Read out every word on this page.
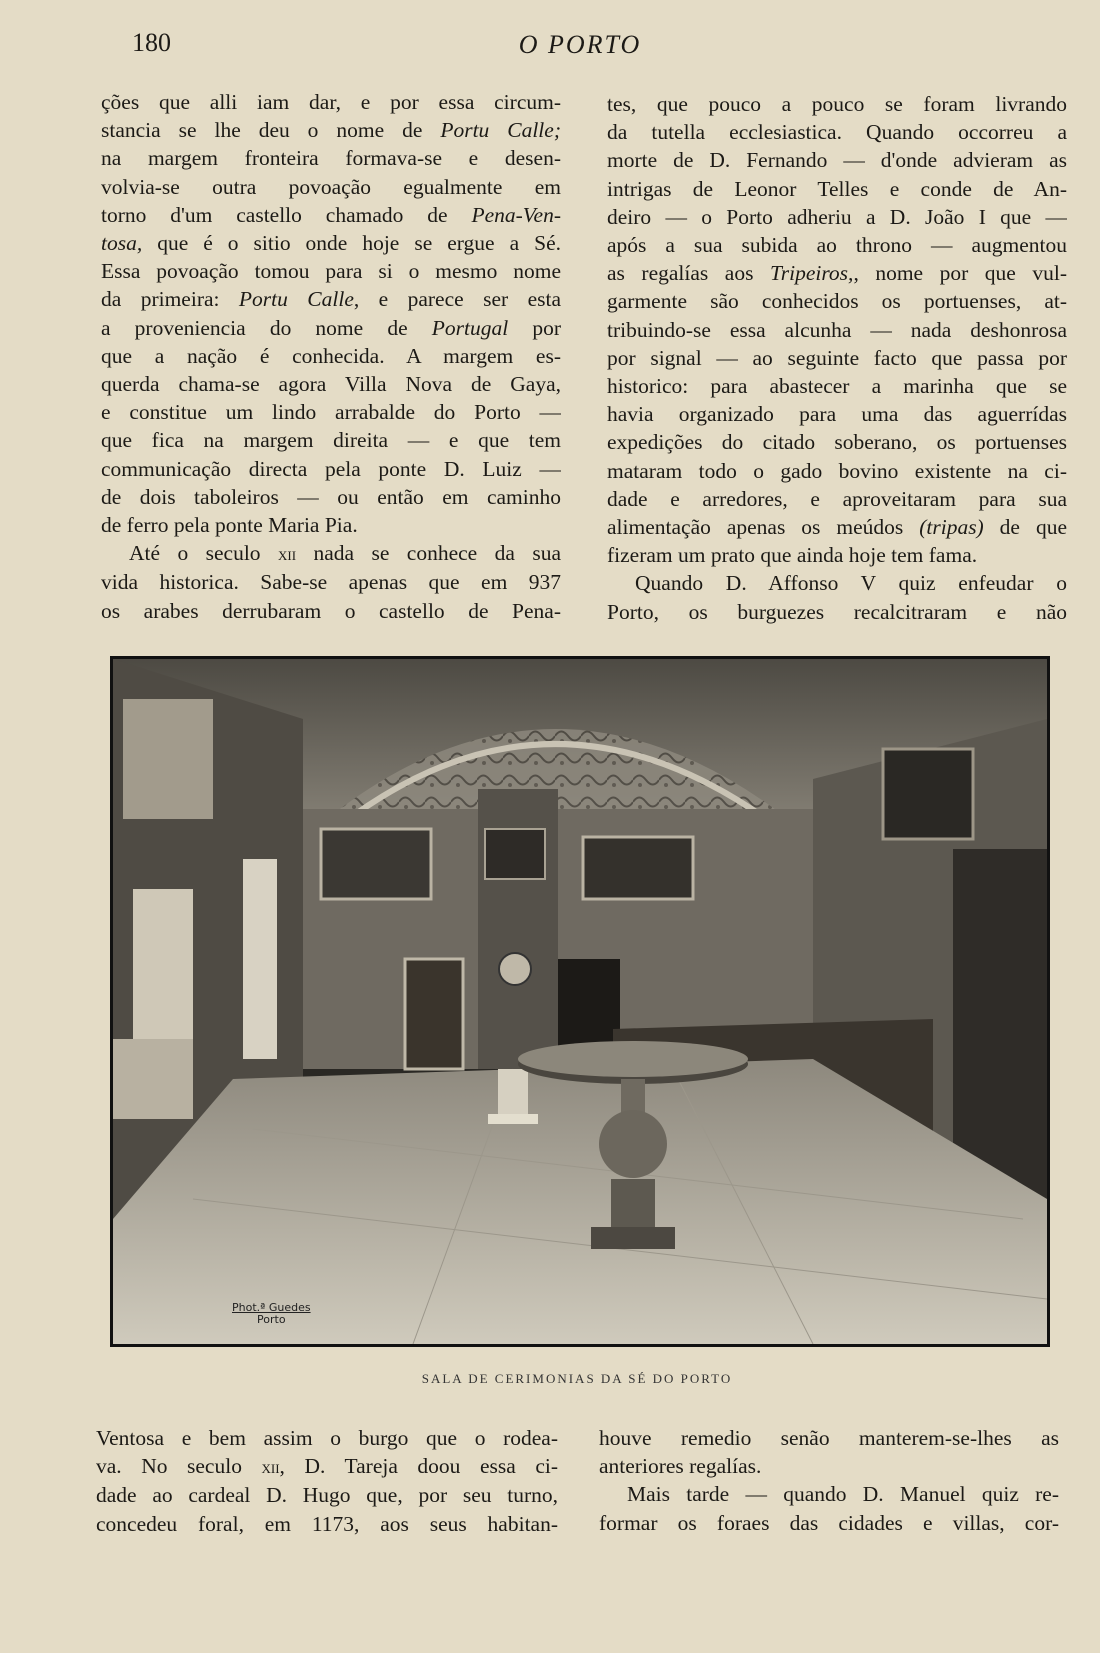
180	O PORTO
ções que alli iam dar, e por essa circum-
stancia se lhe deu o nome de Portu Calle;
na margem fronteira formava-se e desen-
volvia-se outra povoação egualmente em
torno d'um castello chamado de Pena-Ven-
tosa, que é o sitio onde hoje se ergue a Sé.
Essa povoação tomou para si o mesmo nome
da primeira: Portu Calle, e parece ser esta
a proveniencia do nome de Portugal por
que a nação é conhecida. A margem es-
querda chama-se agora Villa Nova de Gaya,
e constitue um lindo arrabalde do Porto —
que fica na margem direita — e que tem
communicação directa pela ponte D. Luiz —
de dois taboleiros — ou então em caminho
de ferro pela ponte Maria Pia.
Até o seculo xii nada se conhece da sua
vida historica. Sabe-se apenas que em 937
os arabes derrubaram o castello de Pena-
tes, que pouco a pouco se foram livrando
da tutella ecclesiastica. Quando occorreu a
morte de D. Fernando — d'onde advieram as
intrigas de Leonor Telles e conde de An-
deiro — o Porto adheriu a D. João I que —
após a sua subida ao throno — augmentou
as regalías aos Tripeiros,, nome por que vul-
garmente são conhecidos os portuenses, at-
tribuindo-se essa alcunha — nada deshonrosa
por signal — ao seguinte facto que passa por
historico: para abastecer a marinha que se
havia organizado para uma das aguerrídas
expedições do citado soberano, os portuenses
mataram todo o gado bovino existente na ci-
dade e arredores, e aproveitaram para sua
alimentação apenas os meúdos (tripas) de que
fizeram um prato que ainda hoje tem fama.
Quando D. Affonso V quiz enfeudar o
Porto, os burguezes recalcitraram e não
Phot.ª Guedes
Porto
SALA DE CERIMONIAS DA SÉ DO PORTO
Ventosa e bem assim o burgo que o rodea-
va. No seculo xii, D. Tareja doou essa ci-
dade ao cardeal D. Hugo que, por seu turno,
concedeu foral, em 1173, aos seus habitan-
houve remedio senão manterem-se-lhes as
anteriores regalías.
Mais tarde — quando D. Manuel quiz re-
formar os foraes das cidades e villas, cor-
